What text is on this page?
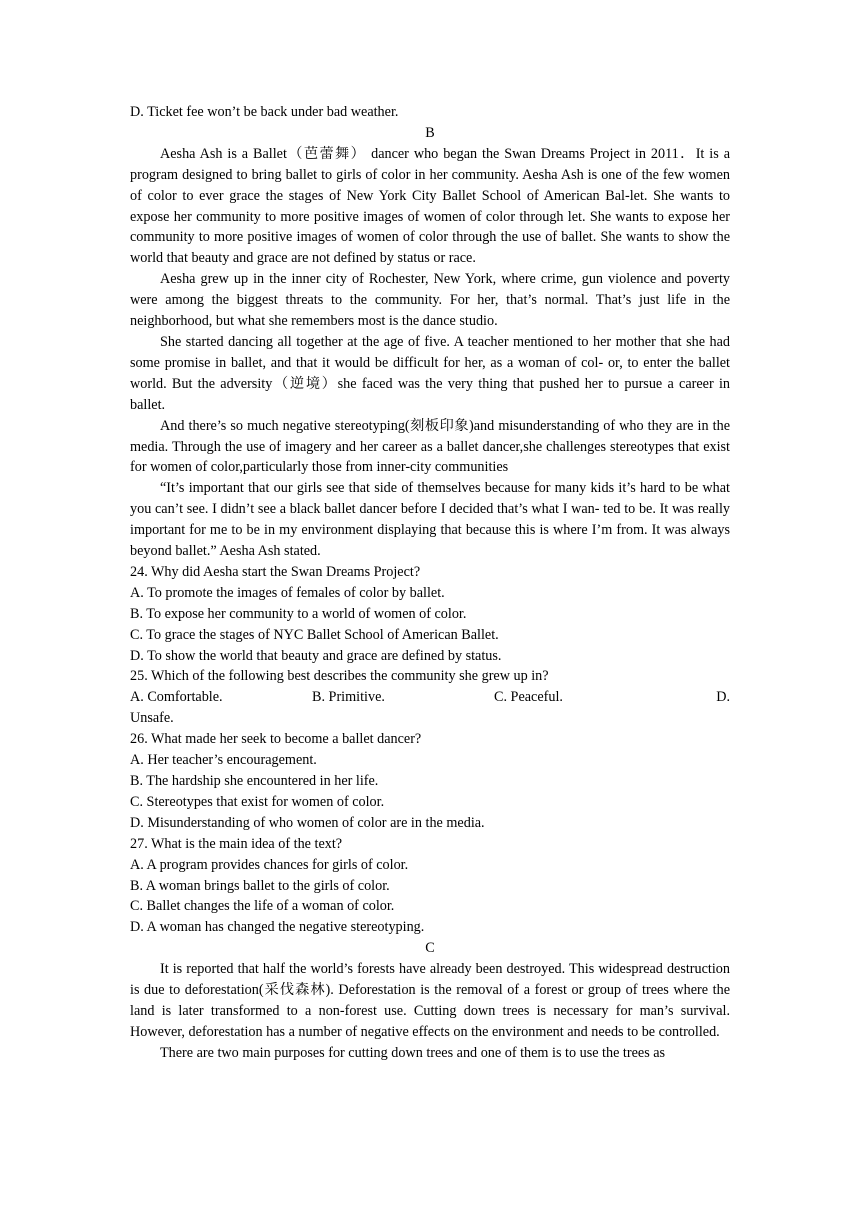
D. Ticket fee won’t be back under bad weather.

B

Aesha Ash is a Ballet（芭蕾舞） dancer who began the Swan Dreams Project in 2011．It is a program designed to bring ballet to girls of color in her community. Aesha Ash is one of the few women of color to ever grace the stages of New York City Ballet School of American Bal-let. She wants to expose her community to more positive images of women of color through let. She wants to expose her community to more positive images of women of color through the use of ballet. She wants to show the world that beauty and grace are not defined by status or race.

Aesha grew up in the inner city of Rochester, New York, where crime, gun violence and poverty were among the biggest threats to the community. For her, that’s normal. That’s just life in the neighborhood, but what she remembers most is the dance studio.

She started dancing all together at the age of five. A teacher mentioned to her mother that she had some promise in ballet, and that it would be difficult for her, as a woman of col- or, to enter the ballet world. But the adversity（逆境）she faced was the very thing that pushed her to pursue a career in ballet.

And there’s so much negative stereotyping(刻板印象)and misunderstanding of who they are in the media. Through the use of imagery and her career as a ballet dancer,she challenges stereotypes that exist for women of color,particularly those from inner-city communities

“It’s important that our girls see that side of themselves because for many kids it’s hard to be what you can’t see. I didn’t see a black ballet dancer before I decided that’s what I wan- ted to be. It was really important for me to be in my environment displaying that because this is where I’m from. It was always beyond ballet.” Aesha Ash stated.

24. Why did Aesha start the Swan Dreams Project?

A. To promote the images of females of color by ballet.

B. To expose her community to a world of women of color.

C. To grace the stages of NYC Ballet School of American Ballet.

D. To show the world that beauty and grace are defined by status.

25. Which of the following best describes the community she grew up in?

A. Comfortable.	B. Primitive.	C. Peaceful.	D.

Unsafe.

26. What made her seek to become a ballet dancer?

A. Her teacher’s encouragement.

B. The hardship she encountered in her life.

C. Stereotypes that exist for women of color.

D. Misunderstanding of who women of color are in the media.

27. What is the main idea of the text?

A. A program provides chances for girls of color.

B. A woman brings ballet to the girls of color.

C. Ballet changes the life of a woman of color.

D. A woman has changed the negative stereotyping.

C

It is reported that half the world’s forests have already been destroyed. This widespread destruction is due to deforestation(采伐森林). Deforestation is the removal of a forest or group of trees where the land is later transformed to a non-forest use. Cutting down trees is necessary for man’s survival. However, deforestation has a number of negative effects on the environment and needs to be controlled.

There are two main purposes for cutting down trees and one of them is to use the trees as
